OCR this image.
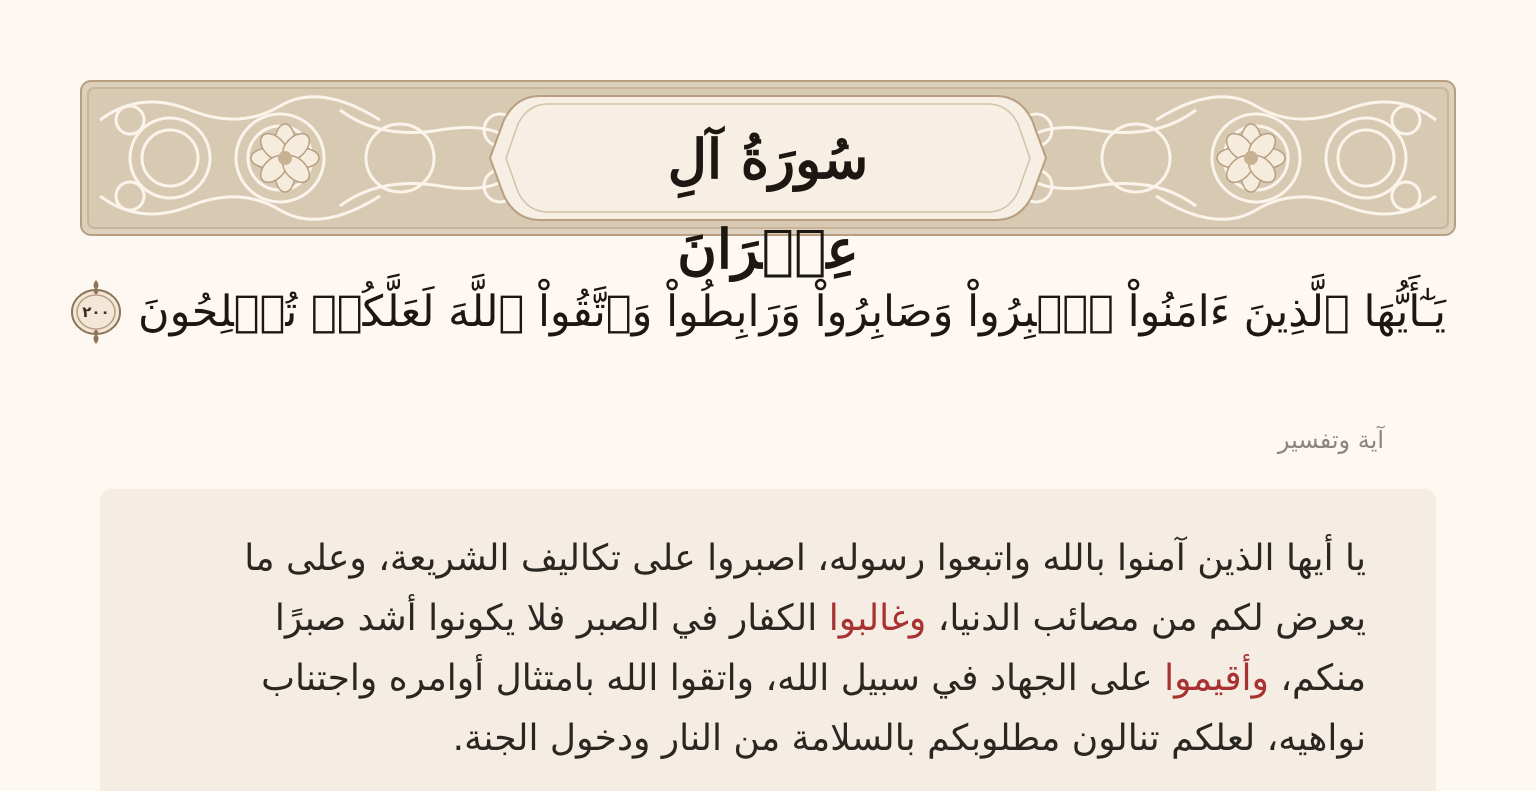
سُورَةُ آلِ عِمۡرَانَ
يَـٰٓأَيُّهَا ٱلَّذِينَ ءَامَنُواْ ٱصۡبِرُواْ وَصَابِرُواْ وَرَابِطُواْ وَٱتَّقُواْ ٱللَّهَ لَعَلَّكُمۡ تُفۡلِحُونَ
٢٠٠
آية وتفسير
يا أيها الذين آمنوا بالله واتبعوا رسوله، اصبروا على تكاليف الشريعة، وعلى ما
يعرض لكم من مصائب الدنيا، وغالبوا الكفار في الصبر فلا يكونوا أشد صبرًا
منكم، وأقيموا على الجهاد في سبيل الله، واتقوا الله بامتثال أوامره واجتناب
نواهيه، لعلكم تنالون مطلوبكم بالسلامة من النار ودخول الجنة.
